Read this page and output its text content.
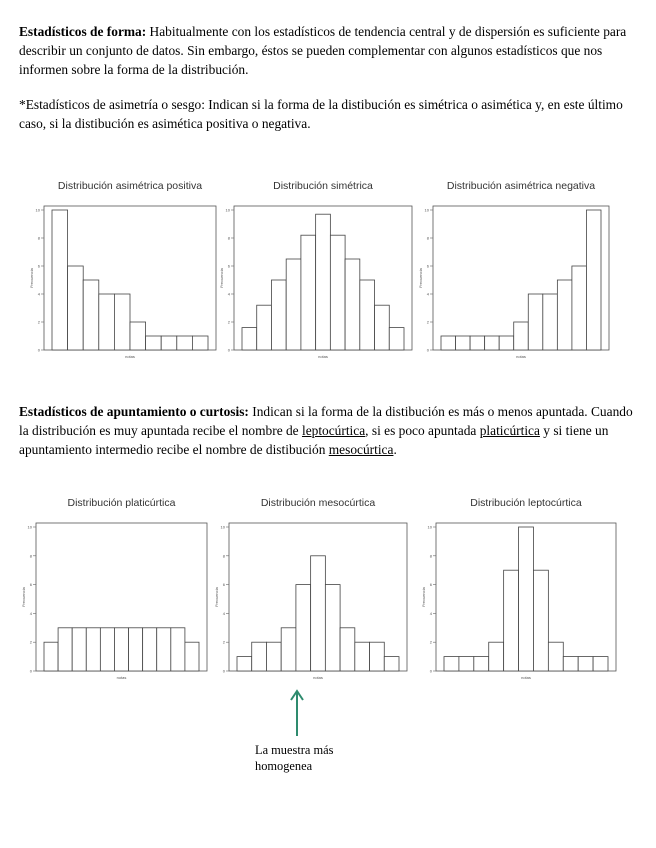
Estadísticos de forma: Habitualmente con los estadísticos de tendencia central y de dispersión es suficiente para describir un conjunto de datos. Sin embargo, éstos se pueden complementar con algunos estadísticos que nos informen sobre la forma de la distribución.

*Estadísticos de asimetría o sesgo: Indican si la forma de la distibución es simétrica o asimética y, en este último caso, si la distibución es asimética positiva o negativa.

Distribución asimétrica positiva
0
2
4
6
8
10
notas
Frecuencia
Distribución simétrica
0
2
4
6
8
10
notas
Frecuencia
Distribución asimétrica negativa
0
2
4
6
8
10
notas
Frecuencia

Estadísticos de apuntamiento o curtosis: Indican si la forma de la distibución es más o menos apuntada. Cuando la distribución es muy apuntada recibe el nombre de leptocúrtica, si es poco apuntada platicúrtica y si tiene un apuntamiento intermedio recibe el nombre de distibución mesocúrtica.

Distribución platicúrtica
0
2
4
6
8
10
notas
Frecuencia
Distribución mesocúrtica
0
2
4
6
8
10
notas
Frecuencia
Distribución leptocúrtica
0
2
4
6
8
10
notas
Frecuencia
La muestra más
homogenea
